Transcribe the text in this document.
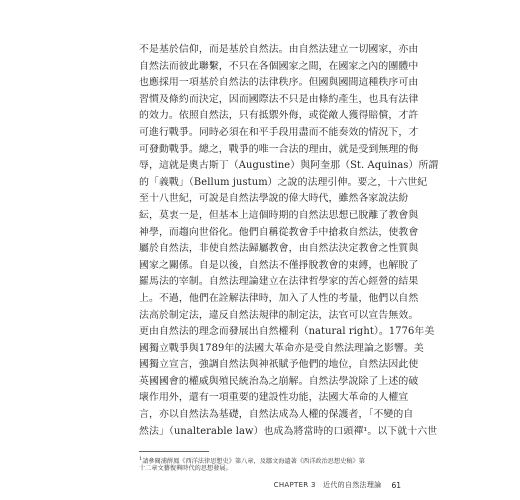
不是基於信仰，而是基於自然法。由自然法建立一切國家，亦由
自然法而彼此聯繫，不只在各個國家之間，在國家之內的團體中
也應採用一項基於自然法的法律秩序。但國與國間這種秩序可由
習慣及條約而決定，因而國際法不只是由條約產生，也具有法律
的效力。依照自然法，只有抵禦外侮，或從敵人獲得賠償，才許
可進行戰爭。同時必須在和平手段用盡而不能奏效的情況下，才
可發動戰爭。總之，戰爭的唯一合法的理由，就是受到無理的侮
辱，這就是奧古斯丁（Augustine）與阿奎那（St. Aquinas）所謂
的「義戰」（Bellum justum）之說的法理引伸。要之，十六世紀
至十八世紀，可說是自然法學說的偉大時代，雖然各家說法紛
紜，莫衷一是，但基本上這個時期的自然法思想已脫離了教會與
神學，而趨向世俗化。他們自稱從教會手中搶救自然法，使教會
屬於自然法，非使自然法歸屬教會，由自然法決定教會之性質與
國家之關係。自是以後，自然法不僅掙脫教會的束縛，也解脫了
羅馬法的宰制。自然法理論建立在法律哲學家的苦心經營的結果
上。不過，他們在詮解法律時，加入了人性的考量，他們以自然
法高於制定法，違反自然法規律的制定法，法官可以宣告無效。
更由自然法的理念而發展出自然權利（natural right）。1776年美
國獨立戰爭與1789年的法國大革命亦是受自然法理論之影響。美
國獨立宣言，強調自然法與神祇賦予他們的地位，自然法因此使
英國國會的權威與殖民統治為之崩解。自然法學說除了上述的破
壞作用外，還有一項重要的建設性功能，法國大革命的人權宣
言，亦以自然法為基礎，自然法成為人權的保護者，「不變的自
然法」（unalterable law）也成為將當時的口頭禪¹。以下就十六世
$^1$請參閱浦薛鳳《西洋法律思想史》第八章，及鄒文海遺著《西洋政治思想史稿》第
十二章文藝復興時代的思想發展。
CHAPTER 3　近代的自然法理論 61
